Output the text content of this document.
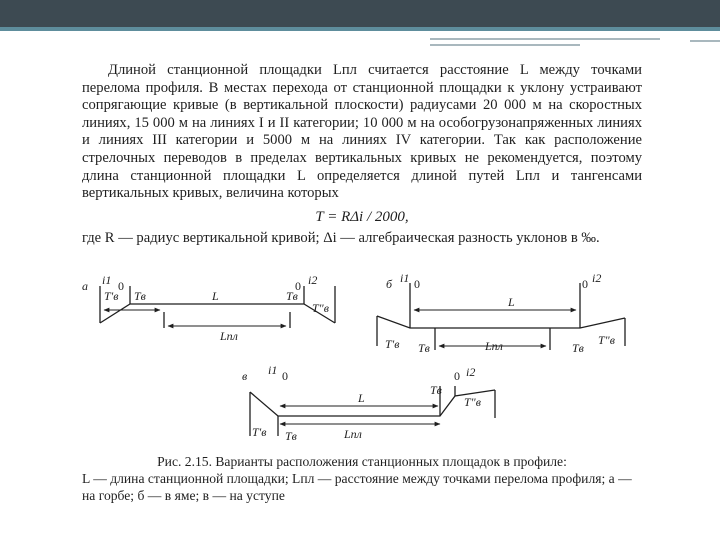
Длиной станционной площадки Lпл считается расстояние L между точками перелома профиля. В местах перехода от станционной площадки к уклону устраивают сопрягающие кривые (в вертикальной плоскости) радиусами 20 000 м на скоростных линиях, 15 000 м на линиях I и II категории; 10 000 м на особогрузонапряженных линиях и линиях III категории и 5000 м на линиях IV категории. Так как расположение стрелочных переводов в пределах вертикальных кривых не рекомендуется, поэтому длина станционной площадки L определяется длиной путей Lпл и тангенсами вертикальных кривых, величина которых

T = RΔi / 2000,

где R — радиус вертикальной кривой; Δi — алгебраическая разность уклонов в ‰.

а i1 0	0 i2
T'в Tв	L	Tв
T"в
Lпл
б i1 0	0 i2
L
T'в Tв	Lпл	Tв
T"в
в i1 0	0 i2
L
T'в Tв	Lпл
Tв
T"в
Рис. 2.15. Варианты расположения станционных площадок в профиле:
L — длина станционной площадки; Lпл — расстояние между точками перелома профиля; а — на горбе; б — в яме; в — на уступе
